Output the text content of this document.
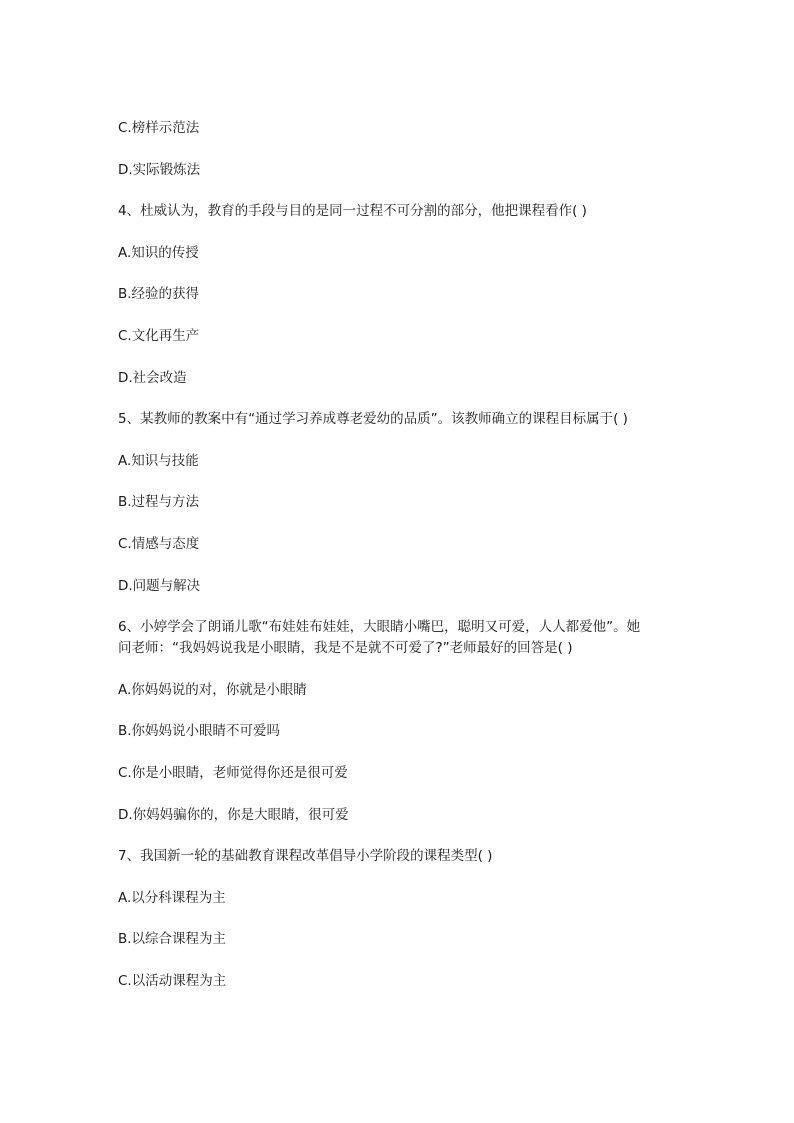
C.榜样示范法
D.实际锻炼法
4、杜威认为，教育的手段与目的是同一过程不可分割的部分，他把课程看作( )
A.知识的传授
B.经验的获得
C.文化再生产
D.社会改造
5、某教师的教案中有“通过学习养成尊老爱幼的品质”。该教师确立的课程目标属于( )
A.知识与技能
B.过程与方法
C.情感与态度
D.问题与解决
6、小婷学会了朗诵儿歌“布娃娃布娃娃，大眼睛小嘴巴，聪明又可爱，人人都爱他”。她
问老师：“我妈妈说我是小眼睛，我是不是就不可爱了?”老师最好的回答是( )
A.你妈妈说的对，你就是小眼睛
B.你妈妈说小眼睛不可爱吗
C.你是小眼睛，老师觉得你还是很可爱
D.你妈妈骗你的，你是大眼睛，很可爱
7、我国新一轮的基础教育课程改革倡导小学阶段的课程类型( )
A.以分科课程为主
B.以综合课程为主
C.以活动课程为主
